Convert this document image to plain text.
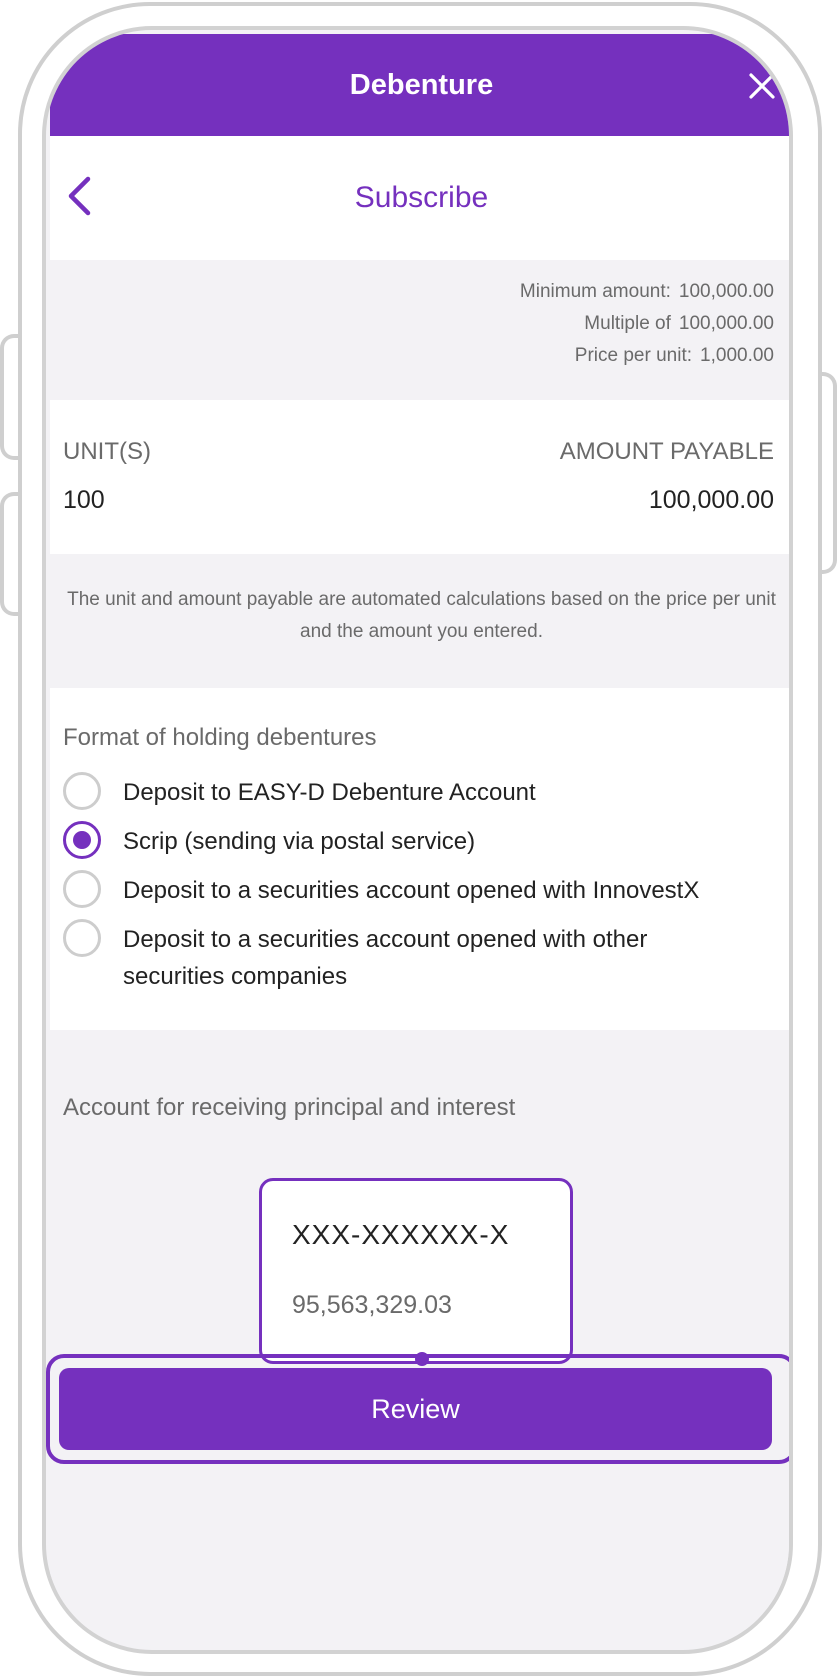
Debenture
Subscribe
Minimum amount: 100,000.00
Multiple of 100,000.00
Price per unit: 1,000.00
UNIT(S)	AMOUNT PAYABLE
100	100,000.00
The unit and amount payable are automated calculations based on the price per unit and the amount you entered.
Format of holding debentures
Deposit to EASY-D Debenture Account
Scrip (sending via postal service)
Deposit to a securities account opened with InnovestX
Deposit to a securities account opened with other
securities companies
Account for receiving principal and interest
XXX-XXXXXX-X
95,563,329.03
Review
